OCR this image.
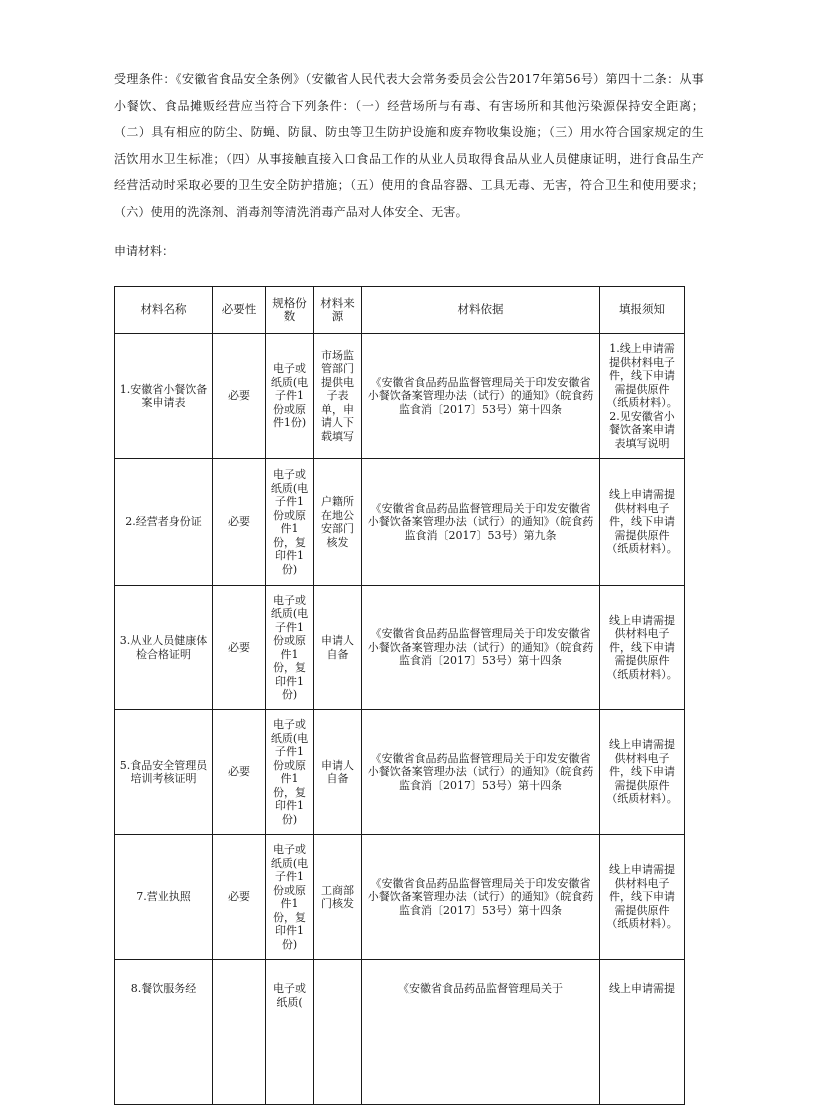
受理条件：《安徽省食品安全条例》（安徽省人民代表大会常务委员会公告2017年第56号）第四十二条：从事小餐饮、食品摊贩经营应当符合下列条件：（一）经营场所与有毒、有害场所和其他污染源保持安全距离；（二）具有相应的防尘、防蝇、防鼠、防虫等卫生防护设施和废弃物收集设施；（三）用水符合国家规定的生活饮用水卫生标准；（四）从事接触直接入口食品工作的从业人员取得食品从业人员健康证明，进行食品生产经营活动时采取必要的卫生安全防护措施；（五）使用的食品容器、工具无毒、无害，符合卫生和使用要求；（六）使用的洗涤剂、消毒剂等清洗消毒产品对人体安全、无害。
申请材料：
材料名称	必要性	规格份数	材料来源	材料依据	填报须知
1.安徽省小餐饮备案申请表	必要	电子或纸质(电子件1份或原件1份)	市场监管部门提供电子表单，申请人下载填写	《安徽省食品药品监督管理局关于印发安徽省小餐饮备案管理办法（试行）的通知》（皖食药监食消〔2017〕53号）第十四条	1.线上申请需提供材料电子件，线下申请需提供原件（纸质材料）。2.见安徽省小餐饮备案申请表填写说明
2.经营者身份证	必要	电子或纸质(电子件1份或原件1份，复印件1份)	户籍所在地公安部门核发	《安徽省食品药品监督管理局关于印发安徽省小餐饮备案管理办法（试行）的通知》（皖食药监食消〔2017〕53号）第九条	线上申请需提供材料电子件，线下申请需提供原件（纸质材料）。
3.从业人员健康体检合格证明	必要	电子或纸质(电子件1份或原件1份，复印件1份)	申请人自备	《安徽省食品药品监督管理局关于印发安徽省小餐饮备案管理办法（试行）的通知》（皖食药监食消〔2017〕53号）第十四条	线上申请需提供材料电子件，线下申请需提供原件（纸质材料）。
5.食品安全管理员培训考核证明	必要	电子或纸质(电子件1份或原件1份，复印件1份)	申请人自备	《安徽省食品药品监督管理局关于印发安徽省小餐饮备案管理办法（试行）的通知》（皖食药监食消〔2017〕53号）第十四条	线上申请需提供材料电子件，线下申请需提供原件（纸质材料）。
7.营业执照	必要	电子或纸质(电子件1份或原件1份，复印件1份)	工商部门核发	《安徽省食品药品监督管理局关于印发安徽省小餐饮备案管理办法（试行）的通知》（皖食药监食消〔2017〕53号）第十四条	线上申请需提供材料电子件，线下申请需提供原件（纸质材料）。
8.餐饮服务经		电子或纸质(		《安徽省食品药品监督管理局关于	线上申请需提
